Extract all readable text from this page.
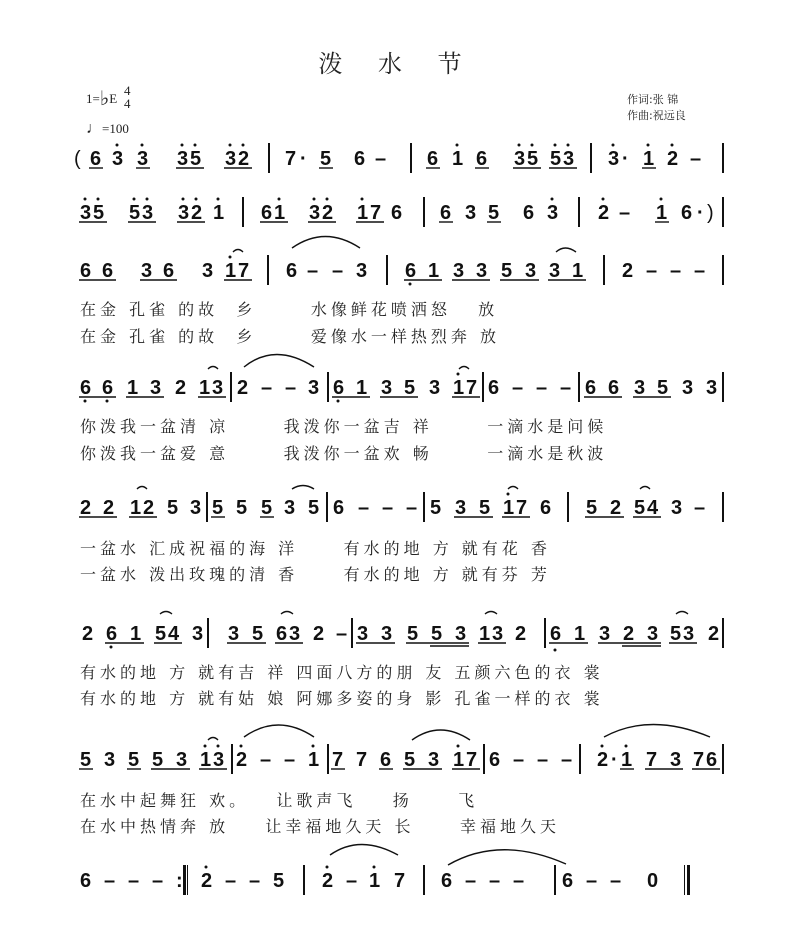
泼 水 节
1=♭E
4
4
♩=100
作词:张 锦
作曲:祝远良
( 6 3 3 3 5 3 2 7 · 5 6 – 6 1 6 3 5 5 3 3 · 1 2 –
3 5 5 3 3 2 1 6 1 3 2 1 7 6 6 3 5 6 3 2 – 1 6 · )
6 6 3 6 3 1 7 6 – – 3 6 1 3 3 5 3 3 1 2 – – –
在金 孔雀 的故  乡      水像鲜花喷洒怒   放
在金 孔雀 的故  乡      爱像水一样热烈奔 放
6 6 1 3 2 1 3 2 – – 3 6 1 3 5 3 1 7 6 – – – 6 6 3 5 3 3
你泼我一盆清 凉      我泼你一盆吉 祥      一滴水是问候
你泼我一盆爱 意      我泼你一盆欢 畅      一滴水是秋波
2 2 1 2 5 3 5 5 5 3 5 6 – – – 5 3 5 1 7 6 5 2 5 4 3 –
一盆水 汇成祝福的海 洋     有水的地 方 就有花 香
一盆水 泼出玫瑰的清 香     有水的地 方 就有芬 芳
2 6 1 5 4 3 3 5 6 3 2 – 3 3 5 5 3 1 3 2 6 1 3 2 3 5 3 2
有水的地 方 就有吉 祥 四面八方的朋 友 五颜六色的衣 裳
有水的地 方 就有姑 娘 阿娜多姿的身 影 孔雀一样的衣 裳
5 3 5 5 3 1 3 2 – – 1 7 7 6 5 3 1 7 6 – – – 2 · 1 7 3 7 6
在水中起舞狂 欢。   让歌声飞    扬     飞
在水中热情奔 放    让幸福地久天 长     幸福地久天
6 – – – : 2 – – 5 2 – 1 7 6 – – – 6 – – 0
